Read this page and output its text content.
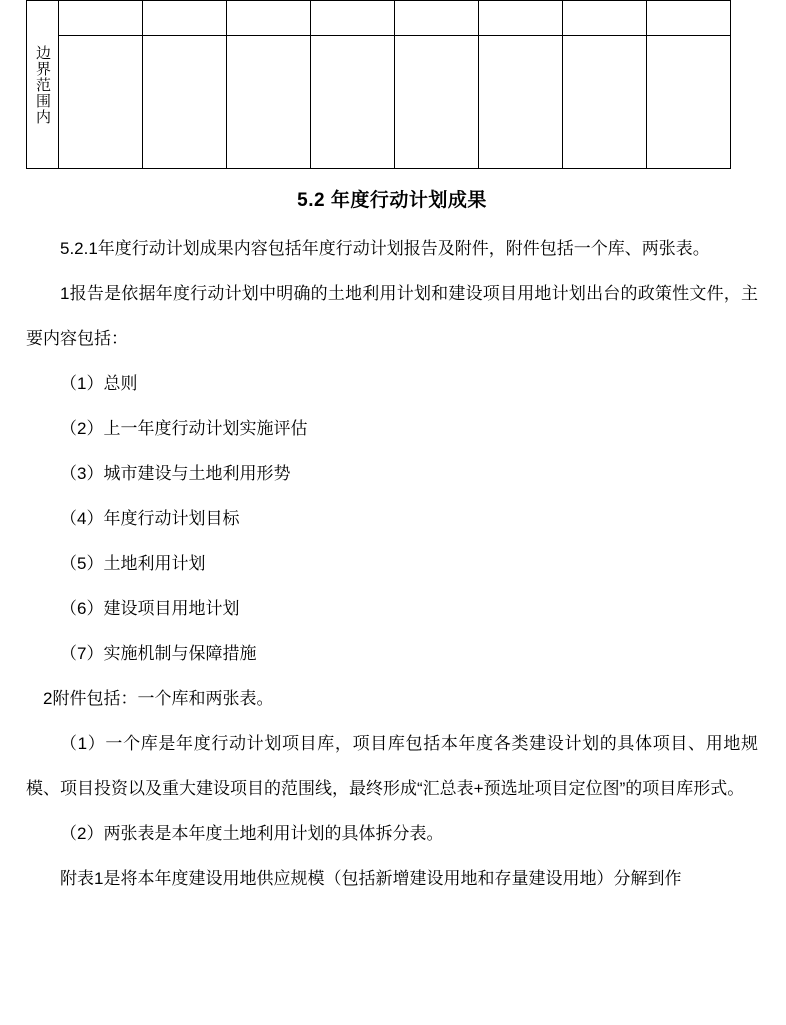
边界范围内								

5.2 年度行动计划成果

5.2.1年度行动计划成果内容包括年度行动计划报告及附件，附件包括一个库、两张表。

1报告是依据年度行动计划中明确的土地利用计划和建设项目用地计划出台的政策性文件，主要内容包括：

（1）总则

（2）上一年度行动计划实施评估

（3）城市建设与土地利用形势

（4）年度行动计划目标

（5）土地利用计划

（6）建设项目用地计划

（7）实施机制与保障措施

2附件包括：一个库和两张表。

（1）一个库是年度行动计划项目库，项目库包括本年度各类建设计划的具体项目、用地规模、项目投资以及重大建设项目的范围线，最终形成“汇总表+预选址项目定位图”的项目库形式。

（2）两张表是本年度土地利用计划的具体拆分表。

附表1是将本年度建设用地供应规模（包括新增建设用地和存量建设用地）分解到作
